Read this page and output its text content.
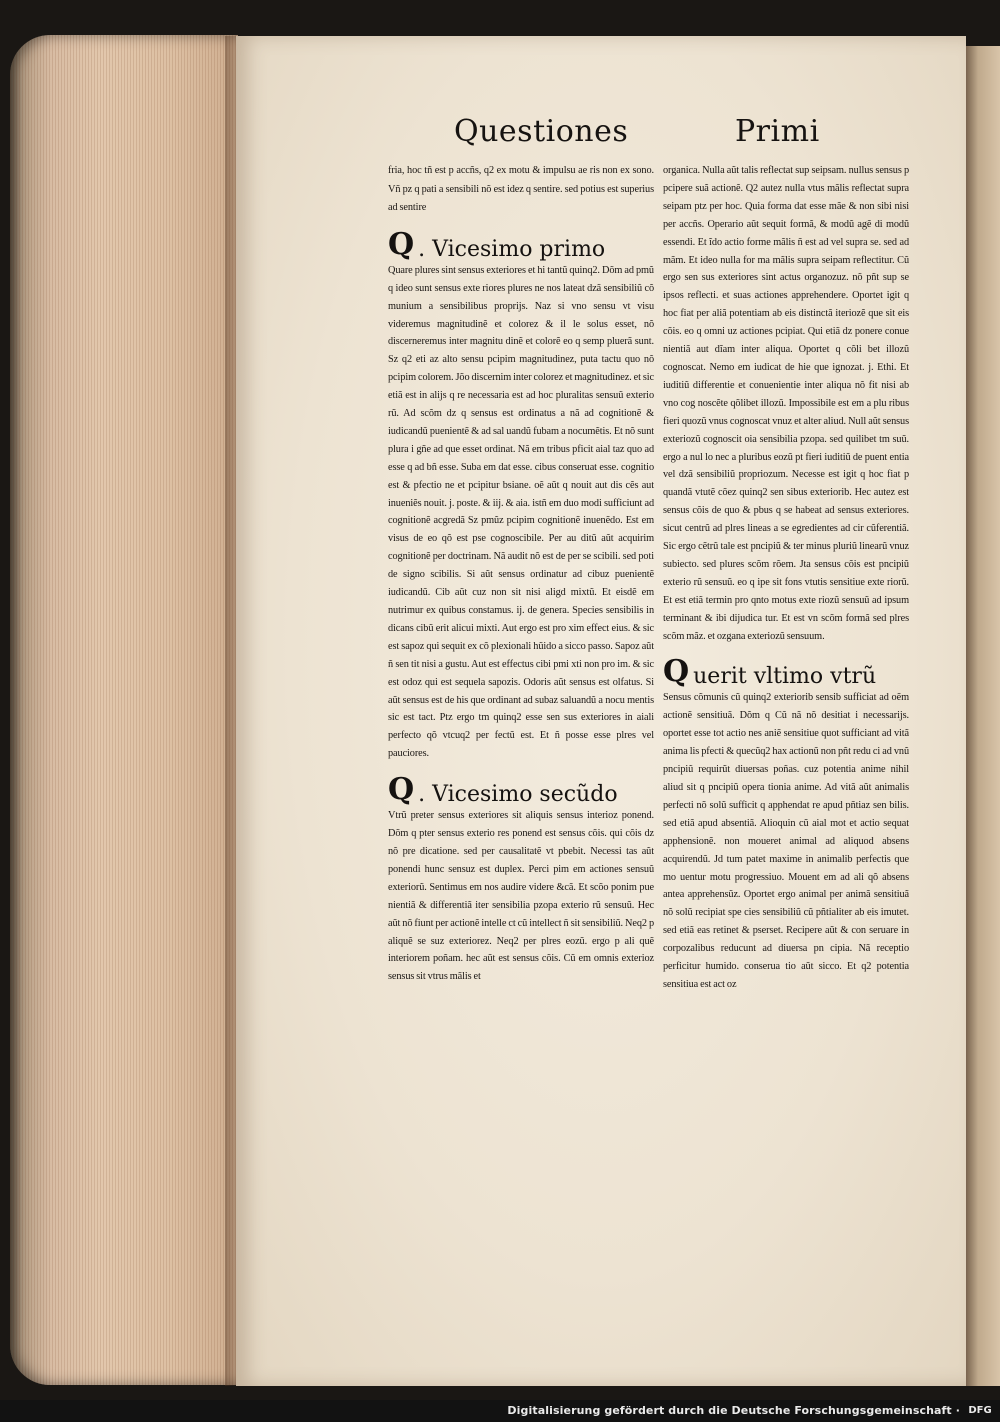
Questiones	Primi

fria, hoc tñ est p accñs, q2 ex motu & impulsu ae ris non ex sono. Vñ pz q pati a sensibili nõ est idez q sentire. sed potius est superius ad sentire

Q . Vicesimo primo

Quare plures sint sensus exteriores et hi tantũ quinq2. Dõm ad pmũ q ideo sunt sensus exte riores plures ne nos lateat dzã sensibiliũ cõ munium a sensibilibus proprijs. Naz si vno sensu vt visu videremus magnitudinẽ et colorez & il le solus esset, nõ discerneremus inter magnitu dinẽ et colorẽ eo q semp pluerã sunt. Sz q2 eti az alto sensu pcipim magnitudinez, puta tactu quo nõ pcipim colorem. Jõo discernim inter colorez et magnitudinez. et sic etiã est in alijs q re necessaria est ad hoc pluralitas sensuũ exterio rũ. Ad scõm dz q sensus est ordinatus a nã ad cognitionẽ & iudicandũ puenientẽ & ad sal uandũ fubam a nocumẽtis. Et nõ sunt plura i gñe ad que esset ordinat. Nã em tribus pficit aial taz quo ad esse q ad bñ esse. Suba em dat esse. cibus conseruat esse. cognitio est & pfectio ne et pcipitur bsiane. oẽ aũt q nouit aut dis cẽs aut inueniẽs nouit. j. poste. & iij. & aia. istñ em duo modi sufficiunt ad cognitionẽ acgredã Sz pmũz pcipim cognitionẽ inuenẽdo. Est em visus de eo qõ est pse cognoscibile. Per au ditũ aũt acquirim cognitionẽ per doctrinam. Nã audit nõ est de per se scibili. sed poti de signo scibilis. Si aũt sensus ordinatur ad cibuz puenientẽ iudicandũ. Cib aũt cuz non sit nisi aligd mixtũ. Et eisdẽ em nutrimur ex quibus constamus. ij. de genera. Species sensibilis in dicans cibũ erit alicui mixti. Aut ergo est pro xim effect eius. & sic est sapoz qui sequit ex cõ plexionali hũido a sicco passo. Sapoz aũt ñ sen tit nisi a gustu. Aut est effectus cibi pmi xti non pro im. & sic est odoz qui est sequela sapozis. Odoris aũt sensus est olfatus. Si aũt sensus est de his que ordinant ad subaz saluandũ a nocu mentis sic est tact. Ptz ergo tm quinq2 esse sen sus exteriores in aiali perfecto qõ vtcuq2 per fectũ est. Et ñ posse esse plres vel pauciores.

Q . Vicesimo secũdo

Vtrũ preter sensus exteriores sit aliquis sensus interioz ponend. Dõm q pter sensus exterio res ponend est sensus cõis. qui cõis dz nõ pre dicatione. sed per causalitatẽ vt pbebit. Necessi tas aũt ponendi hunc sensuz est duplex. Perci pim em actiones sensuũ exteriorũ. Sentimus em nos audire videre &cã. Et scõo ponim pue nientiã & differentiã iter sensibilia pzopa exterio rũ sensuũ. Hec aũt nõ fiunt per actionẽ intelle ct cũ intellect ñ sit sensibiliũ. Neq2 p aliquẽ se suz exteriorez. Neq2 per plres eozũ. ergo p ali quẽ interiorem poñam. hec aũt est sensus cõis. Cũ em omnis exterioz sensus sit vtrus mãlis et

organica. Nulla aũt talis reflectat sup seipsam. nullus sensus p pcipere suã actionẽ. Q2 autez nulla vtus mãlis reflectat supra seipam ptz per hoc. Quia forma dat esse mãe & non sibi nisi per accñs. Operario aũt sequit formã, & modũ agẽ di modũ essendi. Et ĩdo actio forme mãlis ñ est ad vel supra se. sed ad mãm. Et ideo nulla for ma mãlis supra seipam reflectitur. Cũ ergo sen sus exteriores sint actus organozuz. nõ pñt sup se ipsos reflecti. et suas actiones apprehendere. Oportet igit q hoc fiat per aliã potentiam ab eis distinctã iteriozẽ que sit eis cõis. eo q omni uz actiones pcipiat. Qui etiã dz ponere conue nientiã aut dĩam inter aliqua. Oportet q cõli bet illozũ cognoscat. Nemo em iudicat de hie que ignozat. j. Ethi. Et iuditiũ differentie et conuenientie inter aliqua nõ fit nisi ab vno cog noscẽte qõlibet illozũ. Impossibile est em a plu ribus fieri quozũ vnus cognoscat vnuz et alter aliud. Null aũt sensus exteriozũ cognoscit oia sensibilia pzopa. sed quilibet tm suũ. ergo a nul lo nec a pluribus eozũ pt fieri iuditiũ de puent entia vel dzã sensibiliũ propriozum. Necesse est igit q hoc fiat p quandã vtutẽ cõez quinq2 sen sibus exteriorib. Hec autez est sensus cõis de quo & pbus q se habeat ad sensus exteriores. sicut centrũ ad plres lineas a se egredientes ad cir cũferentiã. Sic ergo cẽtrũ tale est pncipiũ & ter minus pluriũ linearũ vnuz subiecto. sed plures scõm rõem. Jta sensus cõis est pncipiũ exterio rũ sensuũ. eo q ipe sit fons vtutis sensitiue exte riorũ. Et est etiã termin pro qnto motus exte riozũ sensuũ ad ipsum terminant & ibi dijudica tur. Et est vn scõm formã sed plres scõm mãz. et ozgana exteriozũ sensuum.

Q uerit vltimo vtrũ

Sensus cõmunis cũ quinq2 exteriorib sensib sufficiat ad oẽm actionẽ sensitiuã. Dõm q Cũ nã nõ desitiat i necessarijs. oportet esse tot actio nes aniẽ sensitiue quot sufficiant ad vitã anima lis pfecti & quecũq2 hax actionũ non pñt redu ci ad vnũ pncipiũ requirũt diuersas poñas. cuz potentia anime nihil aliud sit q pncipiũ opera tionia anime. Ad vitã aũt animalis perfecti nõ solũ sufficit q apphendat re apud pñtiaz sen bilis. sed etiã apud absentiã. Alioquin cũ aial mot et actio sequat apphensionẽ. non moueret animal ad aliquod absens acquirendũ. Jd tum patet maxime in animalib perfectis que mo uentur motu progressiuo. Mouent em ad ali qõ absens antea apprehensũz. Oportet ergo animal per animã sensitiuã nõ solũ recipiat spe cies sensibiliũ cũ pñtialiter ab eis imutet. sed etiã eas retinet & pserset. Recipere aũt & con seruare in corpozalibus reducunt ad diuersa pn cipia. Nã receptio perficitur humido. conserua tio aũt sicco. Et q2 potentia sensitiua est act oz

Digitalisierung gefördert durch die Deutsche Forschungsgemeinschaft · DFG
